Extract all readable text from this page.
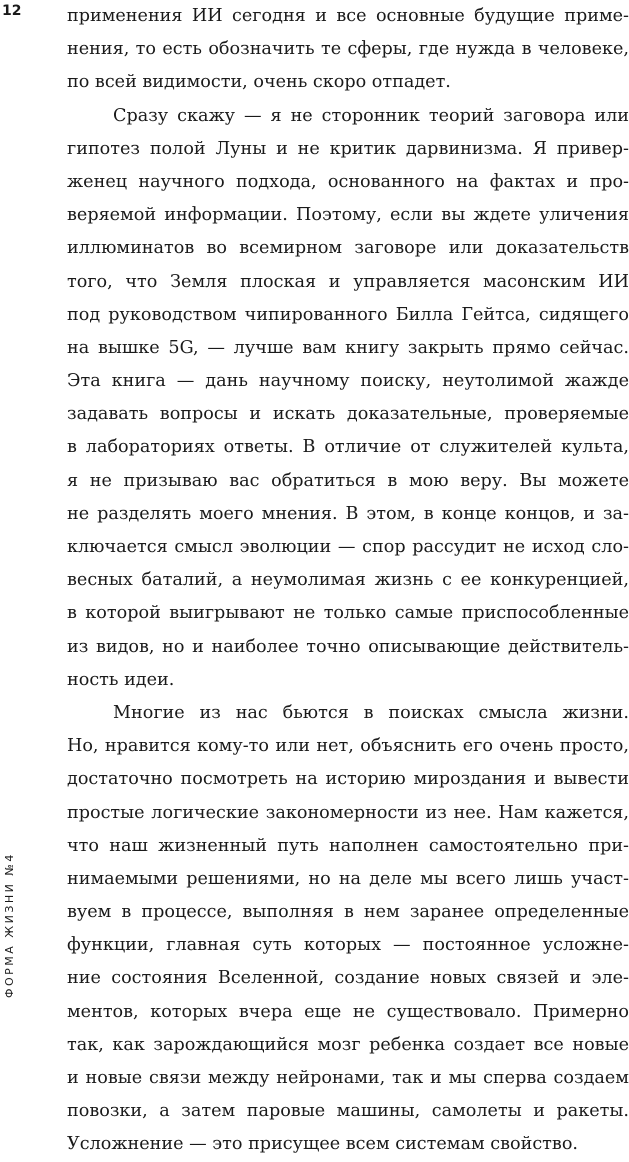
12
ФОРМА ЖИЗНИ №4
применения ИИ сегодня и все основные будущие приме-
нения, то есть обозначить те сферы, где нужда в человеке,
по всей видимости, очень скоро отпадет.
Сразу скажу — я не сторонник теорий заговора или
гипотез полой Луны и не критик дарвинизма. Я привер-
женец научного подхода, основанного на фактах и про-
веряемой информации. Поэтому, если вы ждете уличения
иллюминатов во всемирном заговоре или доказательств
того, что Земля плоская и управляется масонским ИИ
под руководством чипированного Билла Гейтса, сидящего
на вышке 5G, — лучше вам книгу закрыть прямо сейчас.
Эта книга — дань научному поиску, неутолимой жажде
задавать вопросы и искать доказательные, проверяемые
в лабораториях ответы. В отличие от служителей культа,
я не призываю вас обратиться в мою веру. Вы можете
не разделять моего мнения. В этом, в конце концов, и за-
ключается смысл эволюции — спор рассудит не исход сло-
весных баталий, а неумолимая жизнь с ее конкуренцией,
в которой выигрывают не только самые приспособленные
из видов, но и наиболее точно описывающие действитель-
ность идеи.
Многие из нас бьются в поисках смысла жизни.
Но, нравится кому-то или нет, объяснить его очень просто,
достаточно посмотреть на историю мироздания и вывести
простые логические закономерности из нее. Нам кажется,
что наш жизненный путь наполнен самостоятельно при-
нимаемыми решениями, но на деле мы всего лишь участ-
вуем в процессе, выполняя в нем заранее определенные
функции, главная суть которых — постоянное усложне-
ние состояния Вселенной, создание новых связей и эле-
ментов, которых вчера еще не существовало. Примерно
так, как зарождающийся мозг ребенка создает все новые
и новые связи между нейронами, так и мы сперва создаем
повозки, а затем паровые машины, самолеты и ракеты.
Усложнение — это присущее всем системам свойство.
